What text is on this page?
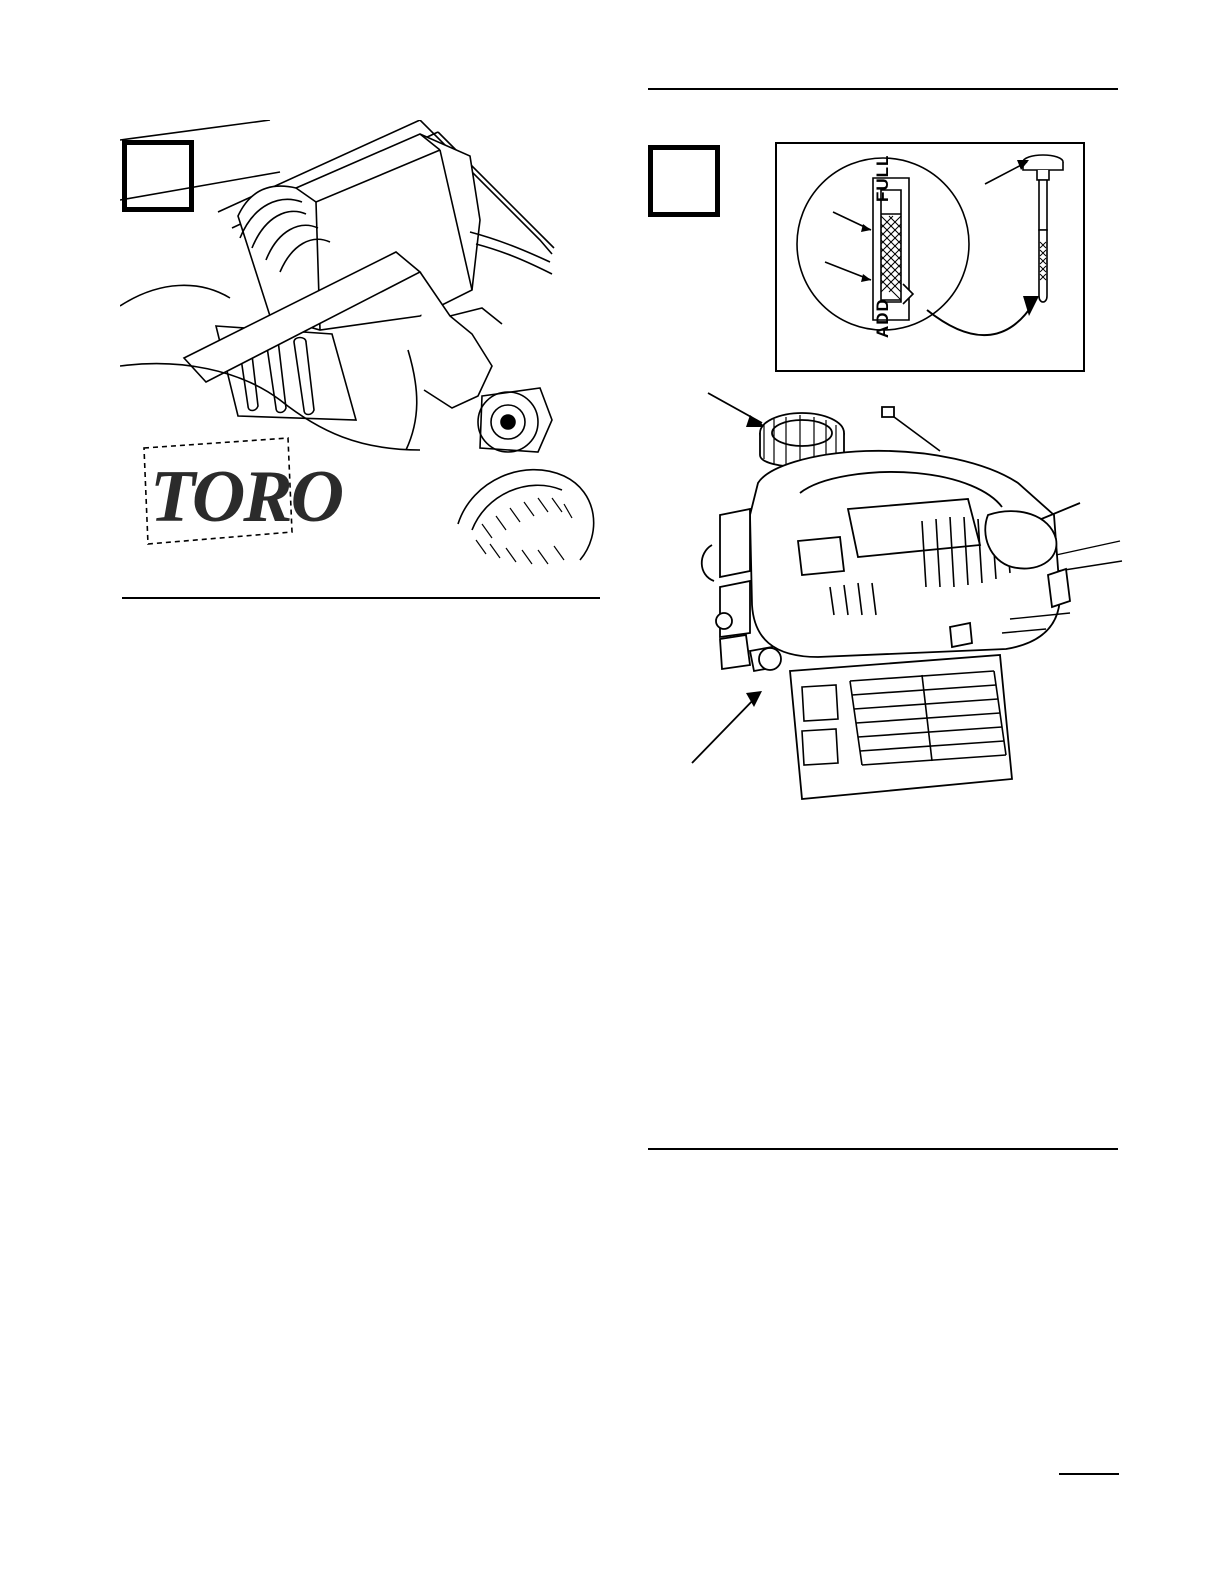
TORO
FULL
ADD
